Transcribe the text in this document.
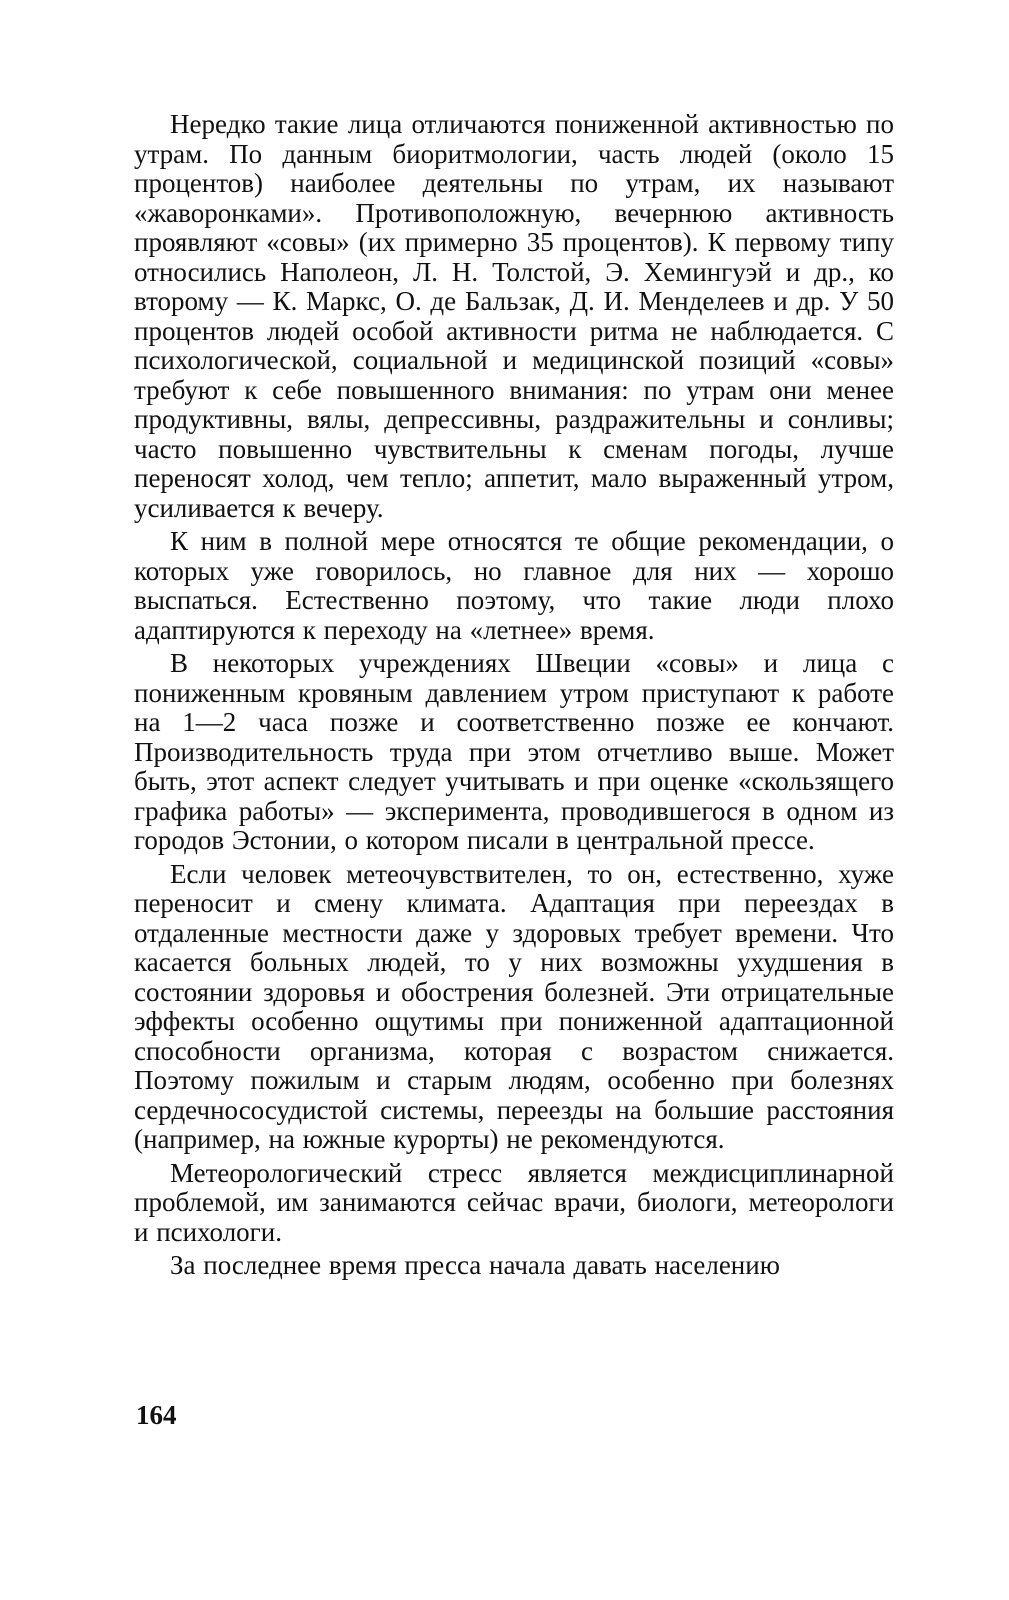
Нередко такие лица отличаются пониженной активностью по утрам. По данным биоритмологии, часть людей (около 15 процентов) наиболее деятельны по утрам, их называют «жаворонками». Противоположную, вечернюю активность проявляют «совы» (их примерно 35 процентов). К первому типу относились Наполеон, Л. Н. Толстой, Э. Хемингуэй и др., ко второму — К. Маркс, О. де Бальзак, Д. И. Менделеев и др. У 50 процентов людей особой активности ритма не наблюдается. С психологической, социальной и медицинской позиций «совы» требуют к себе повышенного внимания: по утрам они менее продуктивны, вялы, депрессивны, раздражительны и сонливы; часто повышенно чувствительны к сменам погоды, лучше переносят холод, чем тепло; аппетит, мало выраженный утром, усиливается к вечеру.

К ним в полной мере относятся те общие рекомендации, о которых уже говорилось, но главное для них — хорошо выспаться. Естественно поэтому, что такие люди плохо адаптируются к переходу на «летнее» время.

В некоторых учреждениях Швеции «совы» и лица с пониженным кровяным давлением утром приступают к работе на 1—2 часа позже и соответственно позже ее кончают. Производительность труда при этом отчетливо выше. Может быть, этот аспект следует учитывать и при оценке «скользящего графика работы» — эксперимента, проводившегося в одном из городов Эстонии, о котором писали в центральной прессе.

Если человек метеочувствителен, то он, естественно, хуже переносит и смену климата. Адаптация при переездах в отдаленные местности даже у здоровых требует времени. Что касается больных людей, то у них возможны ухудшения в состоянии здоровья и обострения болезней. Эти отрицательные эффекты особенно ощутимы при пониженной адаптационной способности организма, которая с возрастом снижается. Поэтому пожилым и старым людям, особенно при болезнях сердечнососудистой системы, переезды на большие расстояния (например, на южные курорты) не рекомендуются.

Метеорологический стресс является междисциплинарной проблемой, им занимаются сейчас врачи, биологи, метеорологи и психологи.

За последнее время пресса начала давать населению

164
